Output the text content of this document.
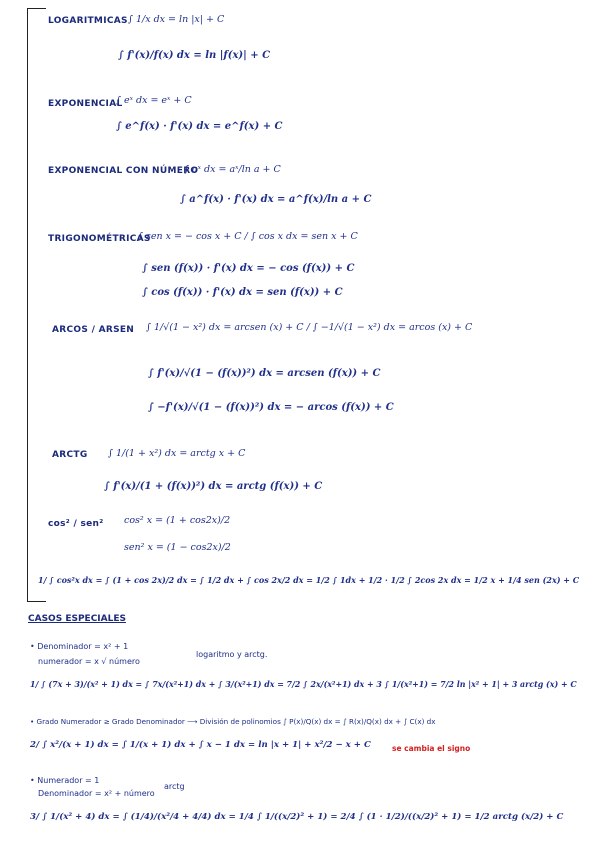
LOGARITMICAS ∫ 1/x dx = ln |x| + C
∫ f'(x)/f(x) dx = ln |f(x)| + C
EXPONENCIAL
∫ eˣ dx = eˣ + C
∫ e^f(x) · f'(x) dx = e^f(x) + C
EXPONENCIAL CON NÚMERO
∫ aˣ dx = aˣ/ln a + C
∫ a^f(x) · f'(x) dx = a^f(x)/ln a + C
TRIGONOMÉTRICAS
∫ sen x = − cos x + C / ∫ cos x dx = sen x + C
∫ sen (f(x)) · f'(x) dx = − cos (f(x)) + C
∫ cos (f(x)) · f'(x) dx = sen (f(x)) + C
ARCOS / ARSEN ∫ 1/√(1 − x²) dx = arcsen (x) + C / ∫ −1/√(1 − x²) dx = arcos (x) + C
∫ f'(x)/√(1 − (f(x))²) dx = arcsen (f(x)) + C
∫ −f'(x)/√(1 − (f(x))²) dx = − arcos (f(x)) + C
ARCTG ∫ 1/(1 + x²) dx = arctg x + C
∫ f'(x)/(1 + (f(x))²) dx = arctg (f(x)) + C
cos² / sen² cos² x = (1 + cos2x)/2
sen² x = (1 − cos2x)/2
1/ ∫ cos²x dx = ∫ (1 + cos 2x)/2 dx = ∫ 1/2 dx + ∫ cos 2x/2 dx = 1/2 ∫ 1dx + 1/2 · 1/2 ∫ 2cos 2x dx = 1/2 x + 1/4 sen (2x) + C
CASOS ESPECIALES
• Denominador = x² + 1
numerador = x √ número
logaritmo y arctg.
1/ ∫ (7x + 3)/(x² + 1) dx = ∫ 7x/(x²+1) dx + ∫ 3/(x²+1) dx = 7/2 ∫ 2x/(x²+1) dx + 3 ∫ 1/(x²+1) = 7/2 ln |x² + 1| + 3 arctg (x) + C
• Grado Numerador ≥ Grado Denominador ⟶ División de polinomios ∫ P(x)/Q(x) dx = ∫ R(x)/Q(x) dx + ∫ C(x) dx
2/ ∫ x²/(x + 1) dx = ∫ 1/(x + 1) dx + ∫ x − 1 dx = ln |x + 1| + x²/2 − x + C	se cambia el signo
• Numerador = 1
Denominador = x² + número
arctg
3/ ∫ 1/(x² + 4) dx = ∫ (1/4)/(x²/4 + 4/4) dx = 1/4 ∫ 1/((x/2)² + 1) = 2/4 ∫ (1 · 1/2)/((x/2)² + 1) = 1/2 arctg (x/2) + C
